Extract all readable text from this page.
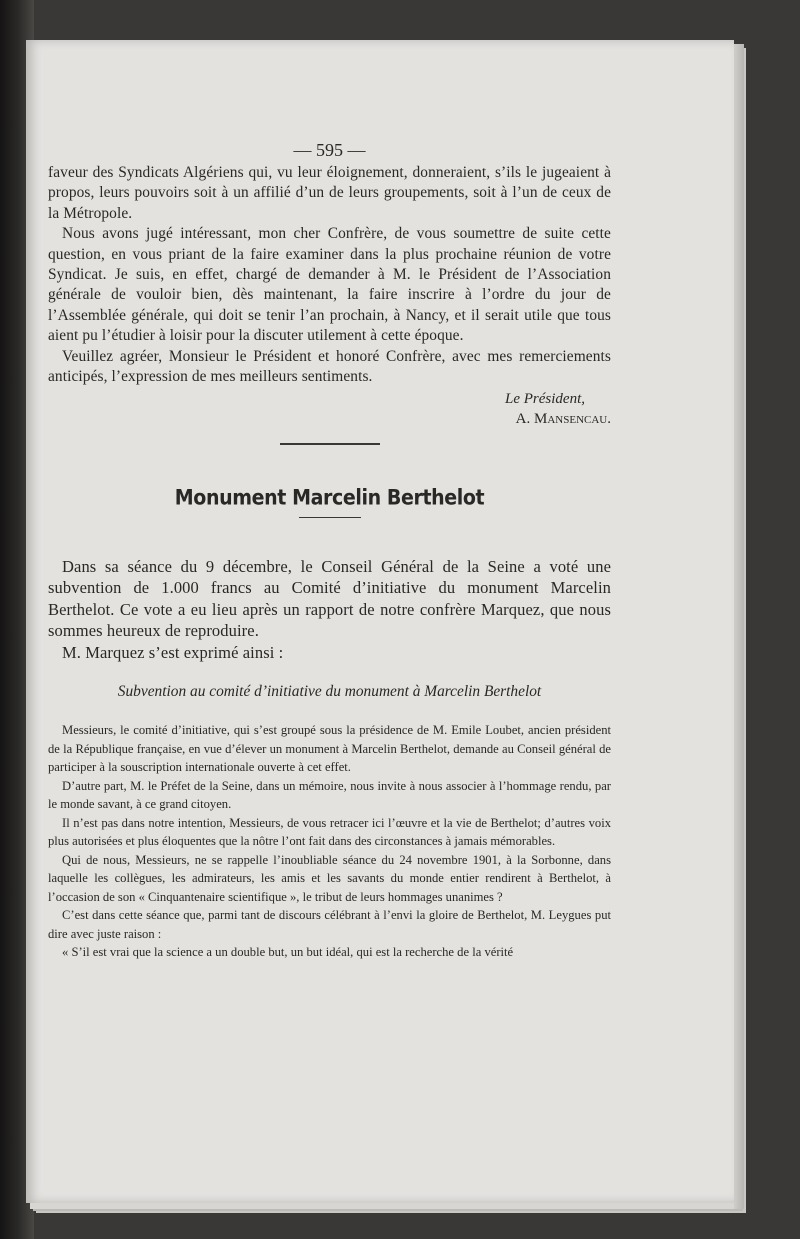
— 595 —

faveur des Syndicats Algériens qui, vu leur éloignement, donneraient, s’ils le jugeaient à propos, leurs pouvoirs soit à un affilié d’un de leurs groupements, soit à l’un de ceux de la Métropole.

Nous avons jugé intéressant, mon cher Confrère, de vous soumettre de suite cette question, en vous priant de la faire examiner dans la plus prochaine réunion de votre Syndicat. Je suis, en effet, chargé de demander à M. le Président de l’Association générale de vouloir bien, dès maintenant, la faire inscrire à l’ordre du jour de l’Assemblée générale, qui doit se tenir l’an prochain, à Nancy, et il serait utile que tous aient pu l’étudier à loisir pour la discuter utilement à cette époque.

Veuillez agréer, Monsieur le Président et honoré Confrère, avec mes remerciements anticipés, l’expression de mes meilleurs sentiments.

Le Président,
A. Mansencau.
Monument Marcelin Berthelot

Dans sa séance du 9 décembre, le Conseil Général de la Seine a voté une subvention de 1.000 francs au Comité d’initiative du monument Marcelin Berthelot. Ce vote a eu lieu après un rapport de notre confrère Marquez, que nous sommes heureux de reproduire.

M. Marquez s’est exprimé ainsi :

Subvention au comité d’initiative du monument à Marcelin Berthelot

Messieurs, le comité d’initiative, qui s’est groupé sous la présidence de M. Emile Loubet, ancien président de la République française, en vue d’élever un monument à Marcelin Berthelot, demande au Conseil général de participer à la souscription internationale ouverte à cet effet.

D’autre part, M. le Préfet de la Seine, dans un mémoire, nous invite à nous associer à l’hommage rendu, par le monde savant, à ce grand citoyen.

Il n’est pas dans notre intention, Messieurs, de vous retracer ici l’œuvre et la vie de Berthelot; d’autres voix plus autorisées et plus éloquentes que la nôtre l’ont fait dans des circonstances à jamais mémorables.

Qui de nous, Messieurs, ne se rappelle l’inoubliable séance du 24 novembre 1901, à la Sorbonne, dans laquelle les collègues, les admirateurs, les amis et les savants du monde entier rendirent à Berthelot, à l’occasion de son « Cinquantenaire scientifique », le tribut de leurs hommages unanimes ?

C’est dans cette séance que, parmi tant de discours célébrant à l’envi la gloire de Berthelot, M. Leygues put dire avec juste raison :

« S’il est vrai que la science a un double but, un but idéal, qui est la recherche de la vérité
